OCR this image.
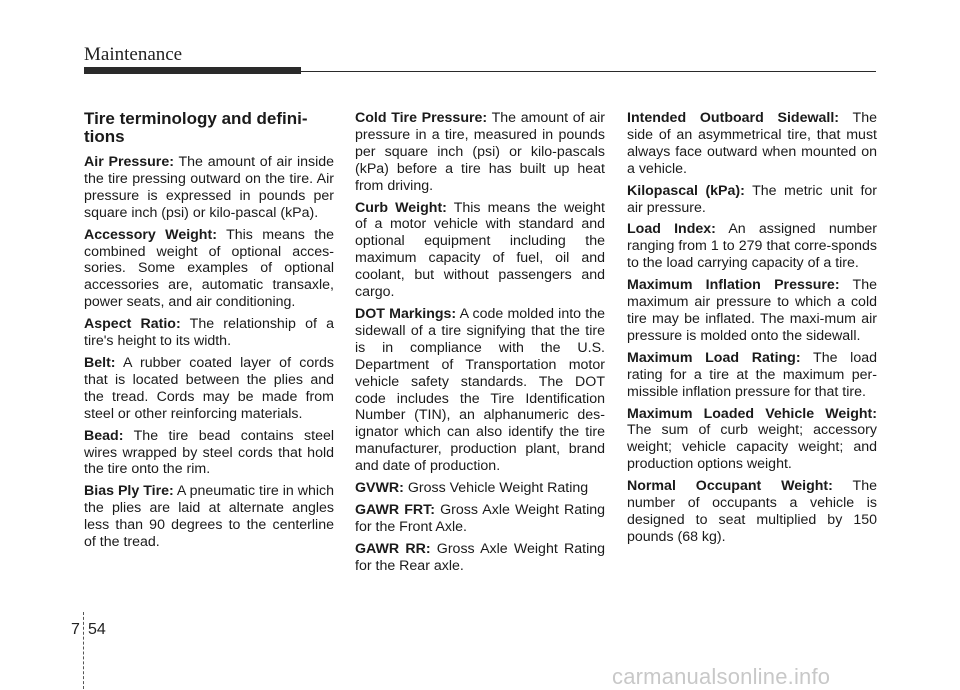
Maintenance
Tire terminology and defini-
tions

Air Pressure: The amount of air inside the tire pressing outward on the tire. Air pressure is expressed in pounds per square inch (psi) or kilo-pascal (kPa).

Accessory Weight: This means the combined weight of optional acces-sories. Some examples of optional accessories are, automatic transaxle, power seats, and air conditioning.

Aspect Ratio: The relationship of a tire's height to its width.

Belt: A rubber coated layer of cords that is located between the plies and the tread. Cords may be made from steel or other reinforcing materials.

Bead: The tire bead contains steel wires wrapped by steel cords that hold the tire onto the rim.

Bias Ply Tire: A pneumatic tire in which the plies are laid at alternate angles less than 90 degrees to the centerline of the tread.

Cold Tire Pressure: The amount of air pressure in a tire, measured in pounds per square inch (psi) or kilo-pascals (kPa) before a tire has built up heat from driving.

Curb Weight: This means the weight of a motor vehicle with standard and optional equipment including the maximum capacity of fuel, oil and coolant, but without passengers and cargo.

DOT Markings: A code molded into the sidewall of a tire signifying that the tire is in compliance with the U.S. Department of Transportation motor vehicle safety standards. The DOT code includes the Tire Identification Number (TIN), an alphanumeric des-ignator which can also identify the tire manufacturer, production plant, brand and date of production.

GVWR: Gross Vehicle Weight Rating

GAWR FRT: Gross Axle Weight Rating for the Front Axle.

GAWR RR: Gross Axle Weight Rating for the Rear axle.

Intended Outboard Sidewall: The side of an asymmetrical tire, that must always face outward when mounted on a vehicle.

Kilopascal (kPa): The metric unit for air pressure.

Load Index: An assigned number ranging from 1 to 279 that corre-sponds to the load carrying capacity of a tire.

Maximum Inflation Pressure: The maximum air pressure to which a cold tire may be inflated. The maxi-mum air pressure is molded onto the sidewall.

Maximum Load Rating: The load rating for a tire at the maximum per-missible inflation pressure for that tire.

Maximum Loaded Vehicle Weight: The sum of curb weight; accessory weight; vehicle capacity weight; and production options weight.

Normal Occupant Weight: The number of occupants a vehicle is designed to seat multiplied by 150 pounds (68 kg).

7 54
carmanualsonline.info
